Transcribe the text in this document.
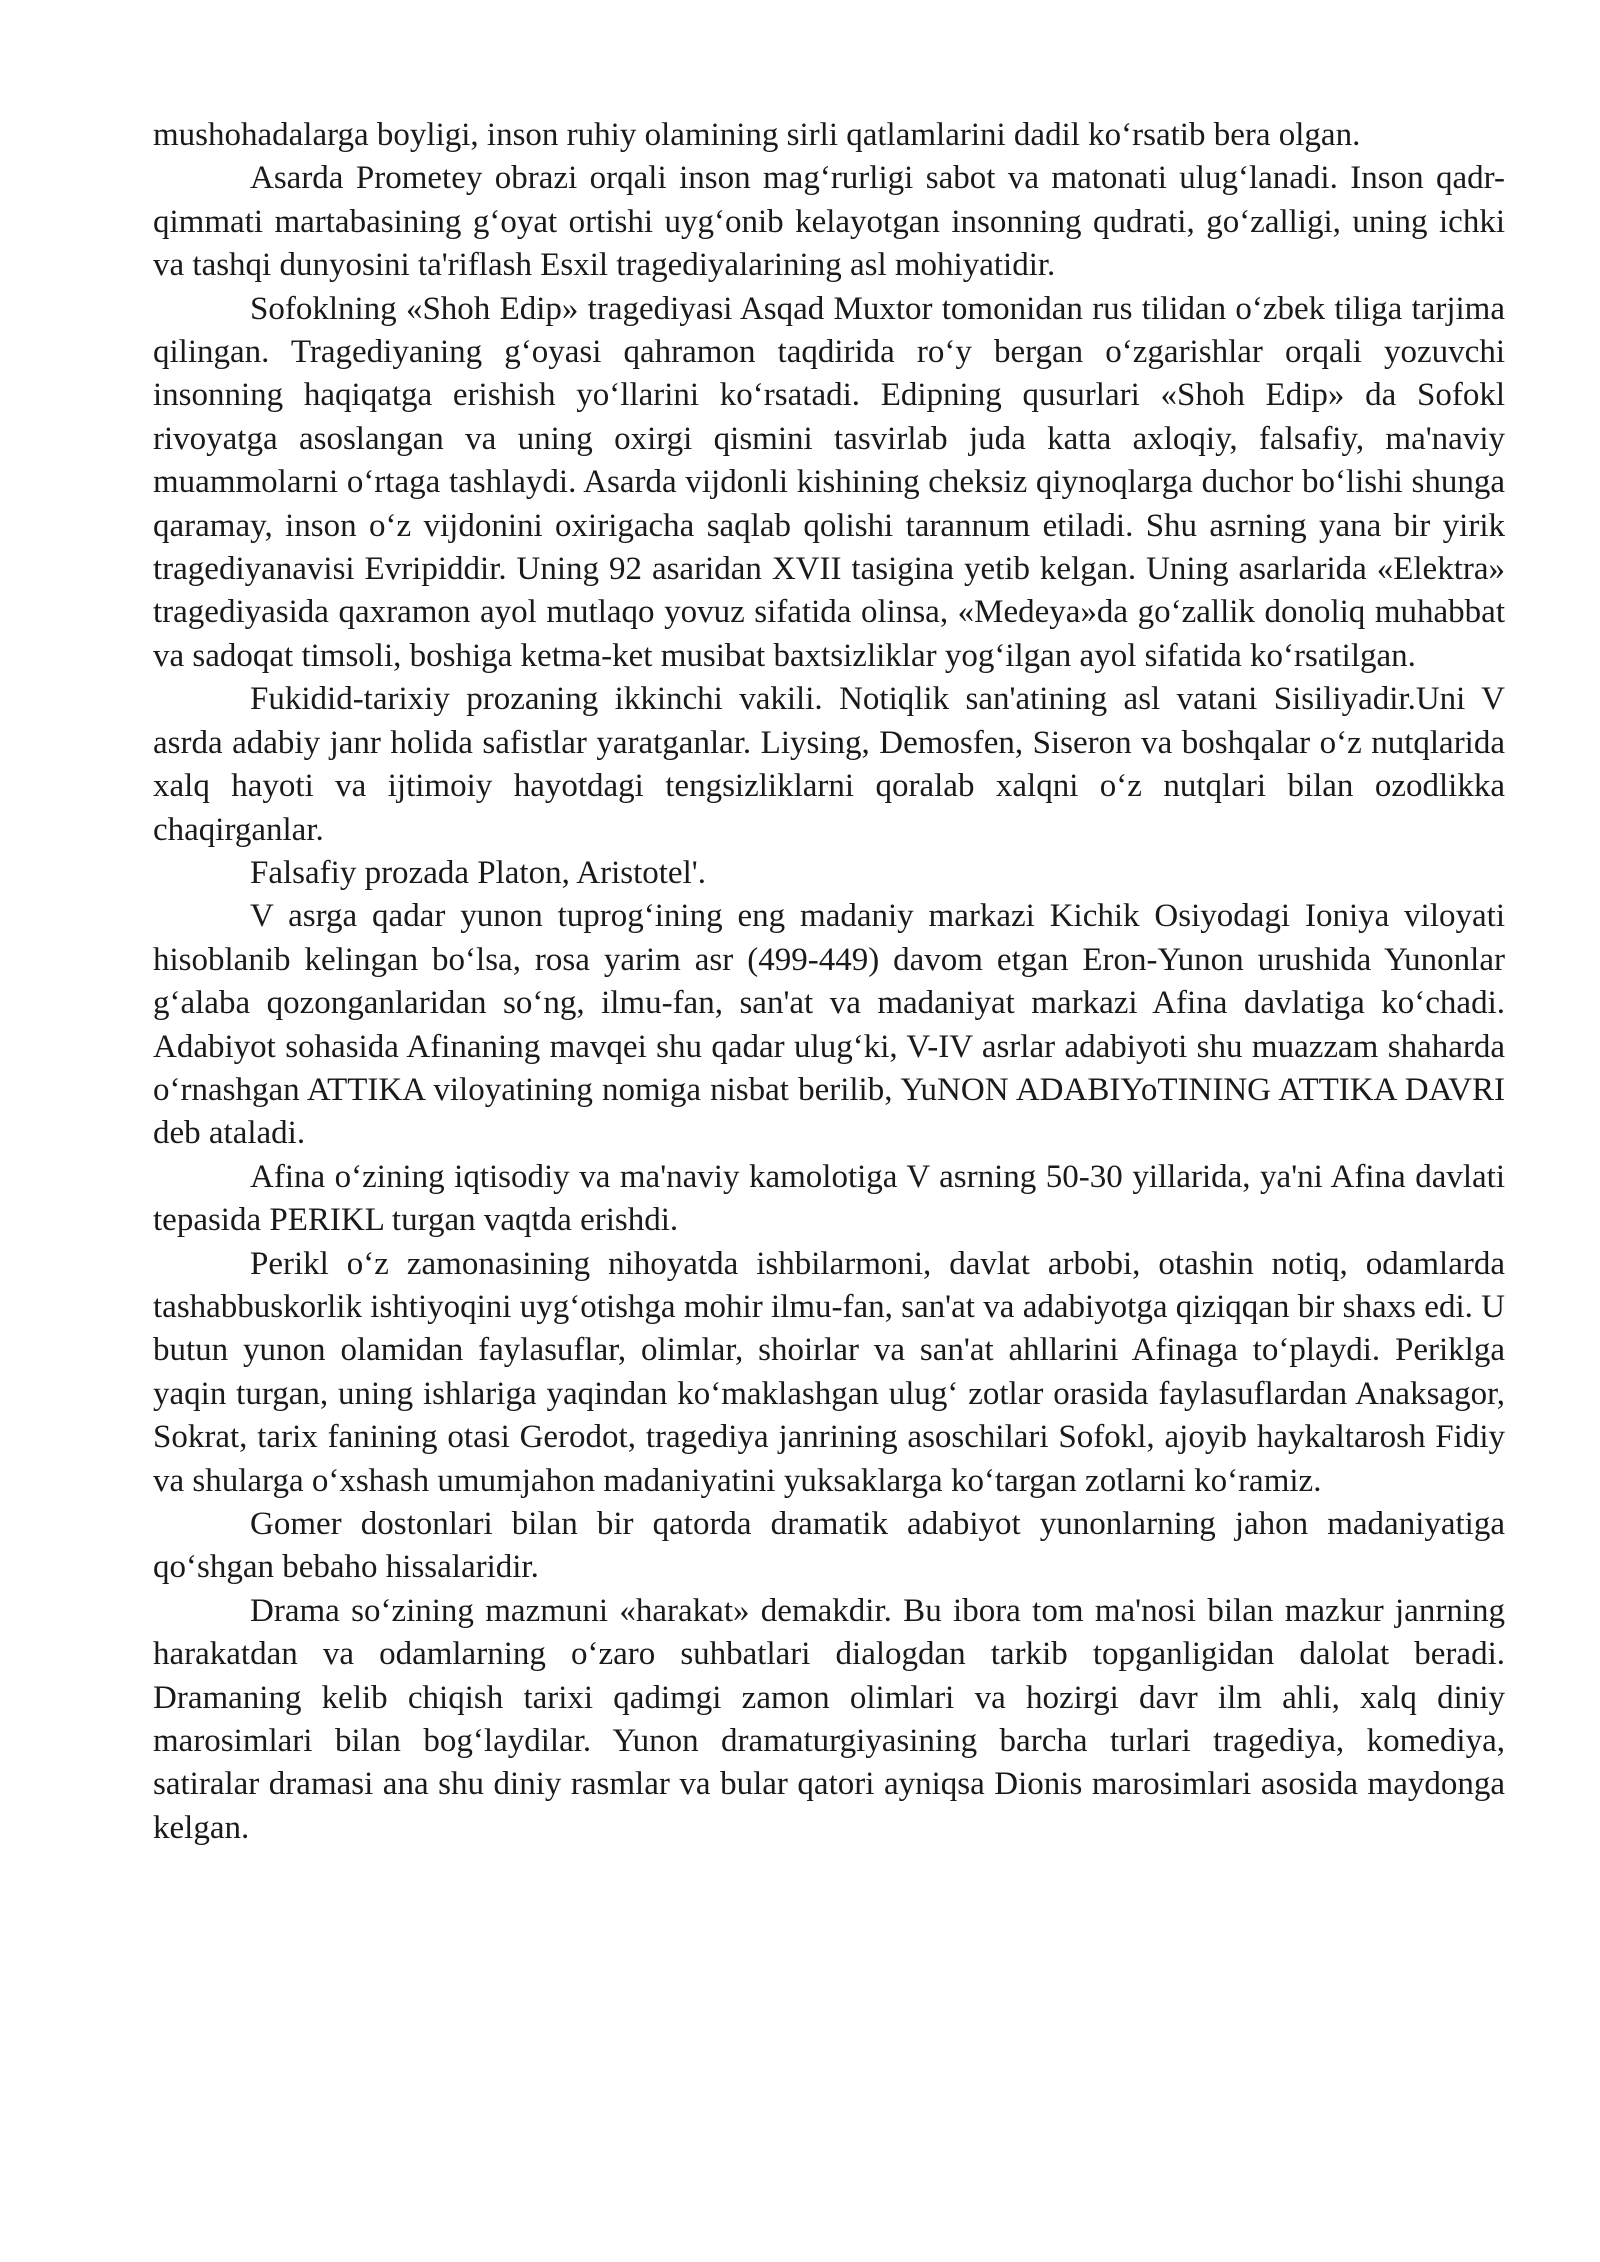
mushohadalarga boyligi, inson ruhiy olamining sirli qatlamlarini dadil ko‘rsatib bera olgan.

Asarda Prometey obrazi orqali inson mag‘rurligi sabot va matonati ulug‘lanadi. Inson qadr-qimmati martabasining g‘oyat ortishi uyg‘onib kelayotgan insonning qudrati, go‘zalligi, uning ichki va tashqi dunyosini ta'riflash Esxil tragediyalarining asl mohiyatidir.

Sofoklning «Shoh Edip» tragediyasi Asqad Muxtor tomonidan rus tilidan o‘zbek tiliga tarjima qilingan. Tragediyaning g‘oyasi qahramon taqdirida ro‘y bergan o‘zgarishlar orqali yozuvchi insonning haqiqatga erishish yo‘llarini ko‘rsatadi. Edipning qusurlari «Shoh Edip» da Sofokl rivoyatga asoslangan va uning oxirgi qismini tasvirlab juda katta axloqiy, falsafiy, ma'naviy muammolarni o‘rtaga tashlaydi. Asarda vijdonli kishining cheksiz qiynoqlarga duchor bo‘lishi shunga qaramay, inson o‘z vijdonini oxirigacha saqlab qolishi tarannum etiladi. Shu asrning yana bir yirik tragediyanavisi Evripiddir. Uning 92 asaridan XVII tasigina yetib kelgan. Uning asarlarida «Elektra» tragediyasida qaxramon ayol mutlaqo yovuz sifatida olinsa, «Medeya»da go‘zallik donoliq muhabbat va sadoqat timsoli, boshiga ketma-ket musibat baxtsizliklar yog‘ilgan ayol sifatida ko‘rsatilgan.

Fukidid-tarixiy prozaning ikkinchi vakili. Notiqlik san'atining asl vatani Sisiliyadir.Uni V asrda adabiy janr holida safistlar yaratganlar. Liysing, Demosfen, Siseron va boshqalar o‘z nutqlarida xalq hayoti va ijtimoiy hayotdagi tengsizliklarni qoralab xalqni o‘z nutqlari bilan ozodlikka chaqirganlar.

Falsafiy prozada Platon, Aristotel'.

V asrga qadar yunon tuprog‘ining eng madaniy markazi Kichik Osiyodagi Ioniya viloyati hisoblanib kelingan bo‘lsa, rosa yarim asr (499-449) davom etgan Eron-Yunon urushida Yunonlar g‘alaba qozonganlaridan so‘ng, ilmu-fan, san'at va madaniyat markazi Afina davlatiga ko‘chadi. Adabiyot sohasida Afinaning mavqei shu qadar ulug‘ki, V-IV asrlar adabiyoti shu muazzam shaharda o‘rnashgan ATTIKA viloyatining nomiga nisbat berilib, YuNON ADABIYoTINING ATTIKA DAVRI deb ataladi.

Afina o‘zining iqtisodiy va ma'naviy kamolotiga V asrning 50-30 yillarida, ya'ni Afina davlati tepasida PERIKL turgan vaqtda erishdi.

Perikl o‘z zamonasining nihoyatda ishbilarmoni, davlat arbobi, otashin notiq, odamlarda tashabbuskorlik ishtiyoqini uyg‘otishga mohir ilmu-fan, san'at va adabiyotga qiziqqan bir shaxs edi. U butun yunon olamidan faylasuflar, olimlar, shoirlar va san'at ahllarini Afinaga to‘playdi. Periklga yaqin turgan, uning ishlariga yaqindan ko‘maklashgan ulug‘ zotlar orasida faylasuflardan Anaksagor, Sokrat, tarix fanining otasi Gerodot, tragediya janrining asoschilari Sofokl, ajoyib haykaltarosh Fidiy va shularga o‘xshash umumjahon madaniyatini yuksaklarga ko‘targan zotlarni ko‘ramiz.

Gomer dostonlari bilan bir qatorda dramatik adabiyot yunonlarning jahon madaniyatiga qo‘shgan bebaho hissalaridir.

Drama so‘zining mazmuni «harakat» demakdir. Bu ibora tom ma'nosi bilan mazkur janrning harakatdan va odamlarning o‘zaro suhbatlari dialogdan tarkib topganligidan dalolat beradi. Dramaning kelib chiqish tarixi qadimgi zamon olimlari va hozirgi davr ilm ahli, xalq diniy marosimlari bilan bog‘laydilar. Yunon dramaturgiyasining barcha turlari tragediya, komediya, satiralar dramasi ana shu diniy rasmlar va bular qatori ayniqsa Dionis marosimlari asosida maydonga kelgan.
